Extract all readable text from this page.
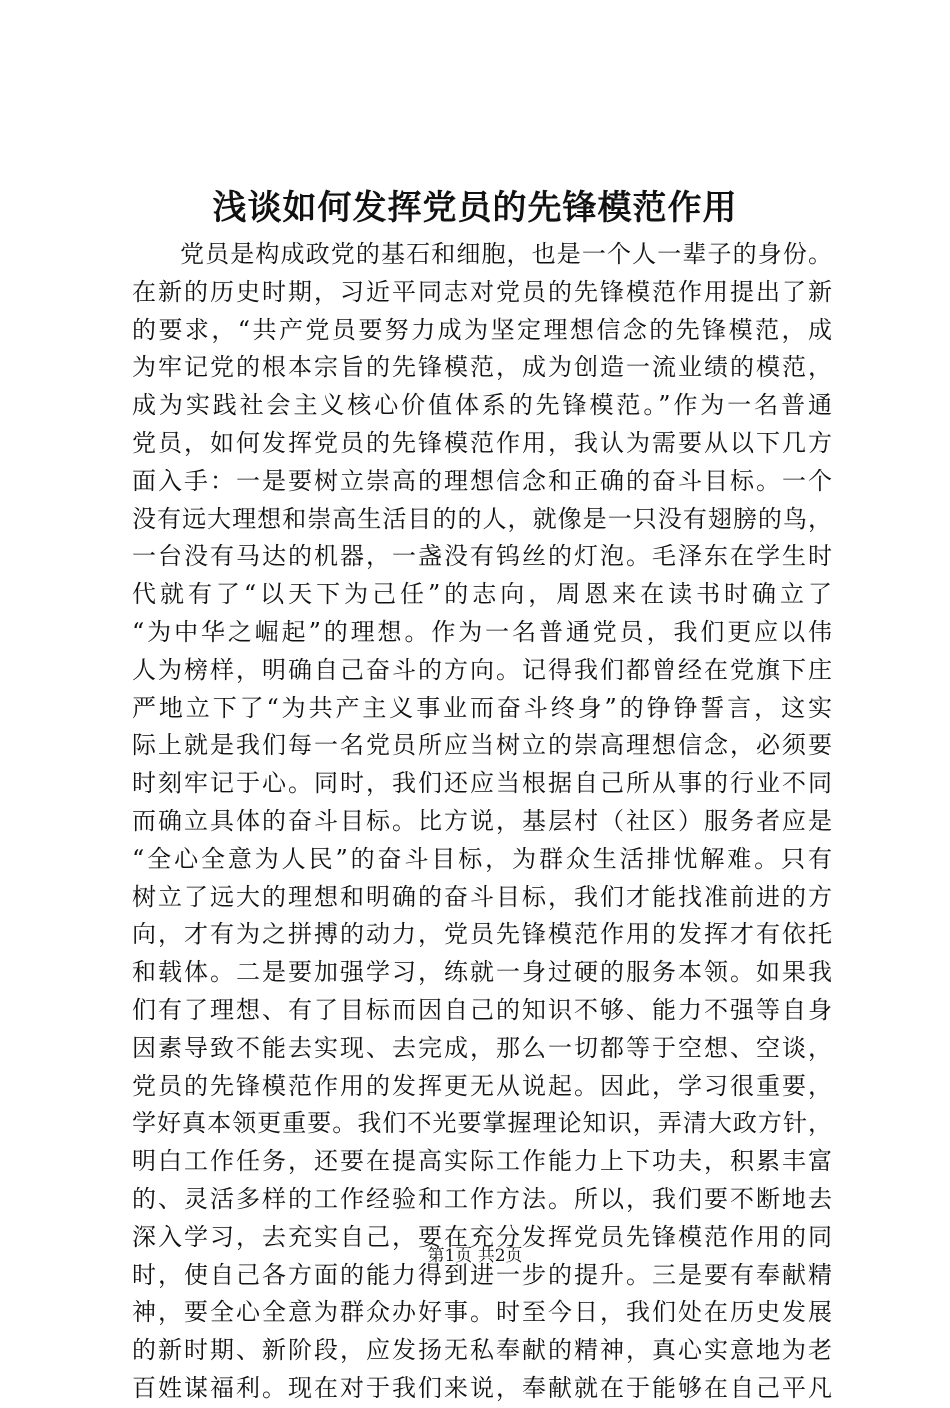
浅谈如何发挥党员的先锋模范作用
党员是构成政党的基石和细胞，也是一个人一辈子的身份。
在新的历史时期，习近平同志对党员的先锋模范作用提出了新
的要求，“共产党员要努力成为坚定理想信念的先锋模范，成
为牢记党的根本宗旨的先锋模范，成为创造一流业绩的模范，
成为实践社会主义核心价值体系的先锋模范。”作为一名普通
党员，如何发挥党员的先锋模范作用，我认为需要从以下几方
面入手：一是要树立崇高的理想信念和正确的奋斗目标。一个
没有远大理想和崇高生活目的的人，就像是一只没有翅膀的鸟，
一台没有马达的机器，一盏没有钨丝的灯泡。毛泽东在学生时
代就有了“以天下为己任”的志向，周恩来在读书时确立了
“为中华之崛起”的理想。作为一名普通党员，我们更应以伟
人为榜样，明确自己奋斗的方向。记得我们都曾经在党旗下庄
严地立下了“为共产主义事业而奋斗终身”的铮铮誓言，这实
际上就是我们每一名党员所应当树立的崇高理想信念，必须要
时刻牢记于心。同时，我们还应当根据自己所从事的行业不同
而确立具体的奋斗目标。比方说，基层村（社区）服务者应是
“全心全意为人民”的奋斗目标，为群众生活排忧解难。只有
树立了远大的理想和明确的奋斗目标，我们才能找准前进的方
向，才有为之拼搏的动力，党员先锋模范作用的发挥才有依托
和载体。二是要加强学习，练就一身过硬的服务本领。如果我
们有了理想、有了目标而因自己的知识不够、能力不强等自身
因素导致不能去实现、去完成，那么一切都等于空想、空谈，
党员的先锋模范作用的发挥更无从说起。因此，学习很重要，
学好真本领更重要。我们不光要掌握理论知识，弄清大政方针，
明白工作任务，还要在提高实际工作能力上下功夫，积累丰富
的、灵活多样的工作经验和工作方法。所以，我们要不断地去
深入学习，去充实自己，要在充分发挥党员先锋模范作用的同
时，使自己各方面的能力得到进一步的提升。三是要有奉献精
神，要全心全意为群众办好事。时至今日，我们处在历史发展
的新时期、新阶段，应发扬无私奉献的精神，真心实意地为老
百姓谋福利。现在对于我们来说，奉献就在于能够在自己平凡
第1页 共2页
